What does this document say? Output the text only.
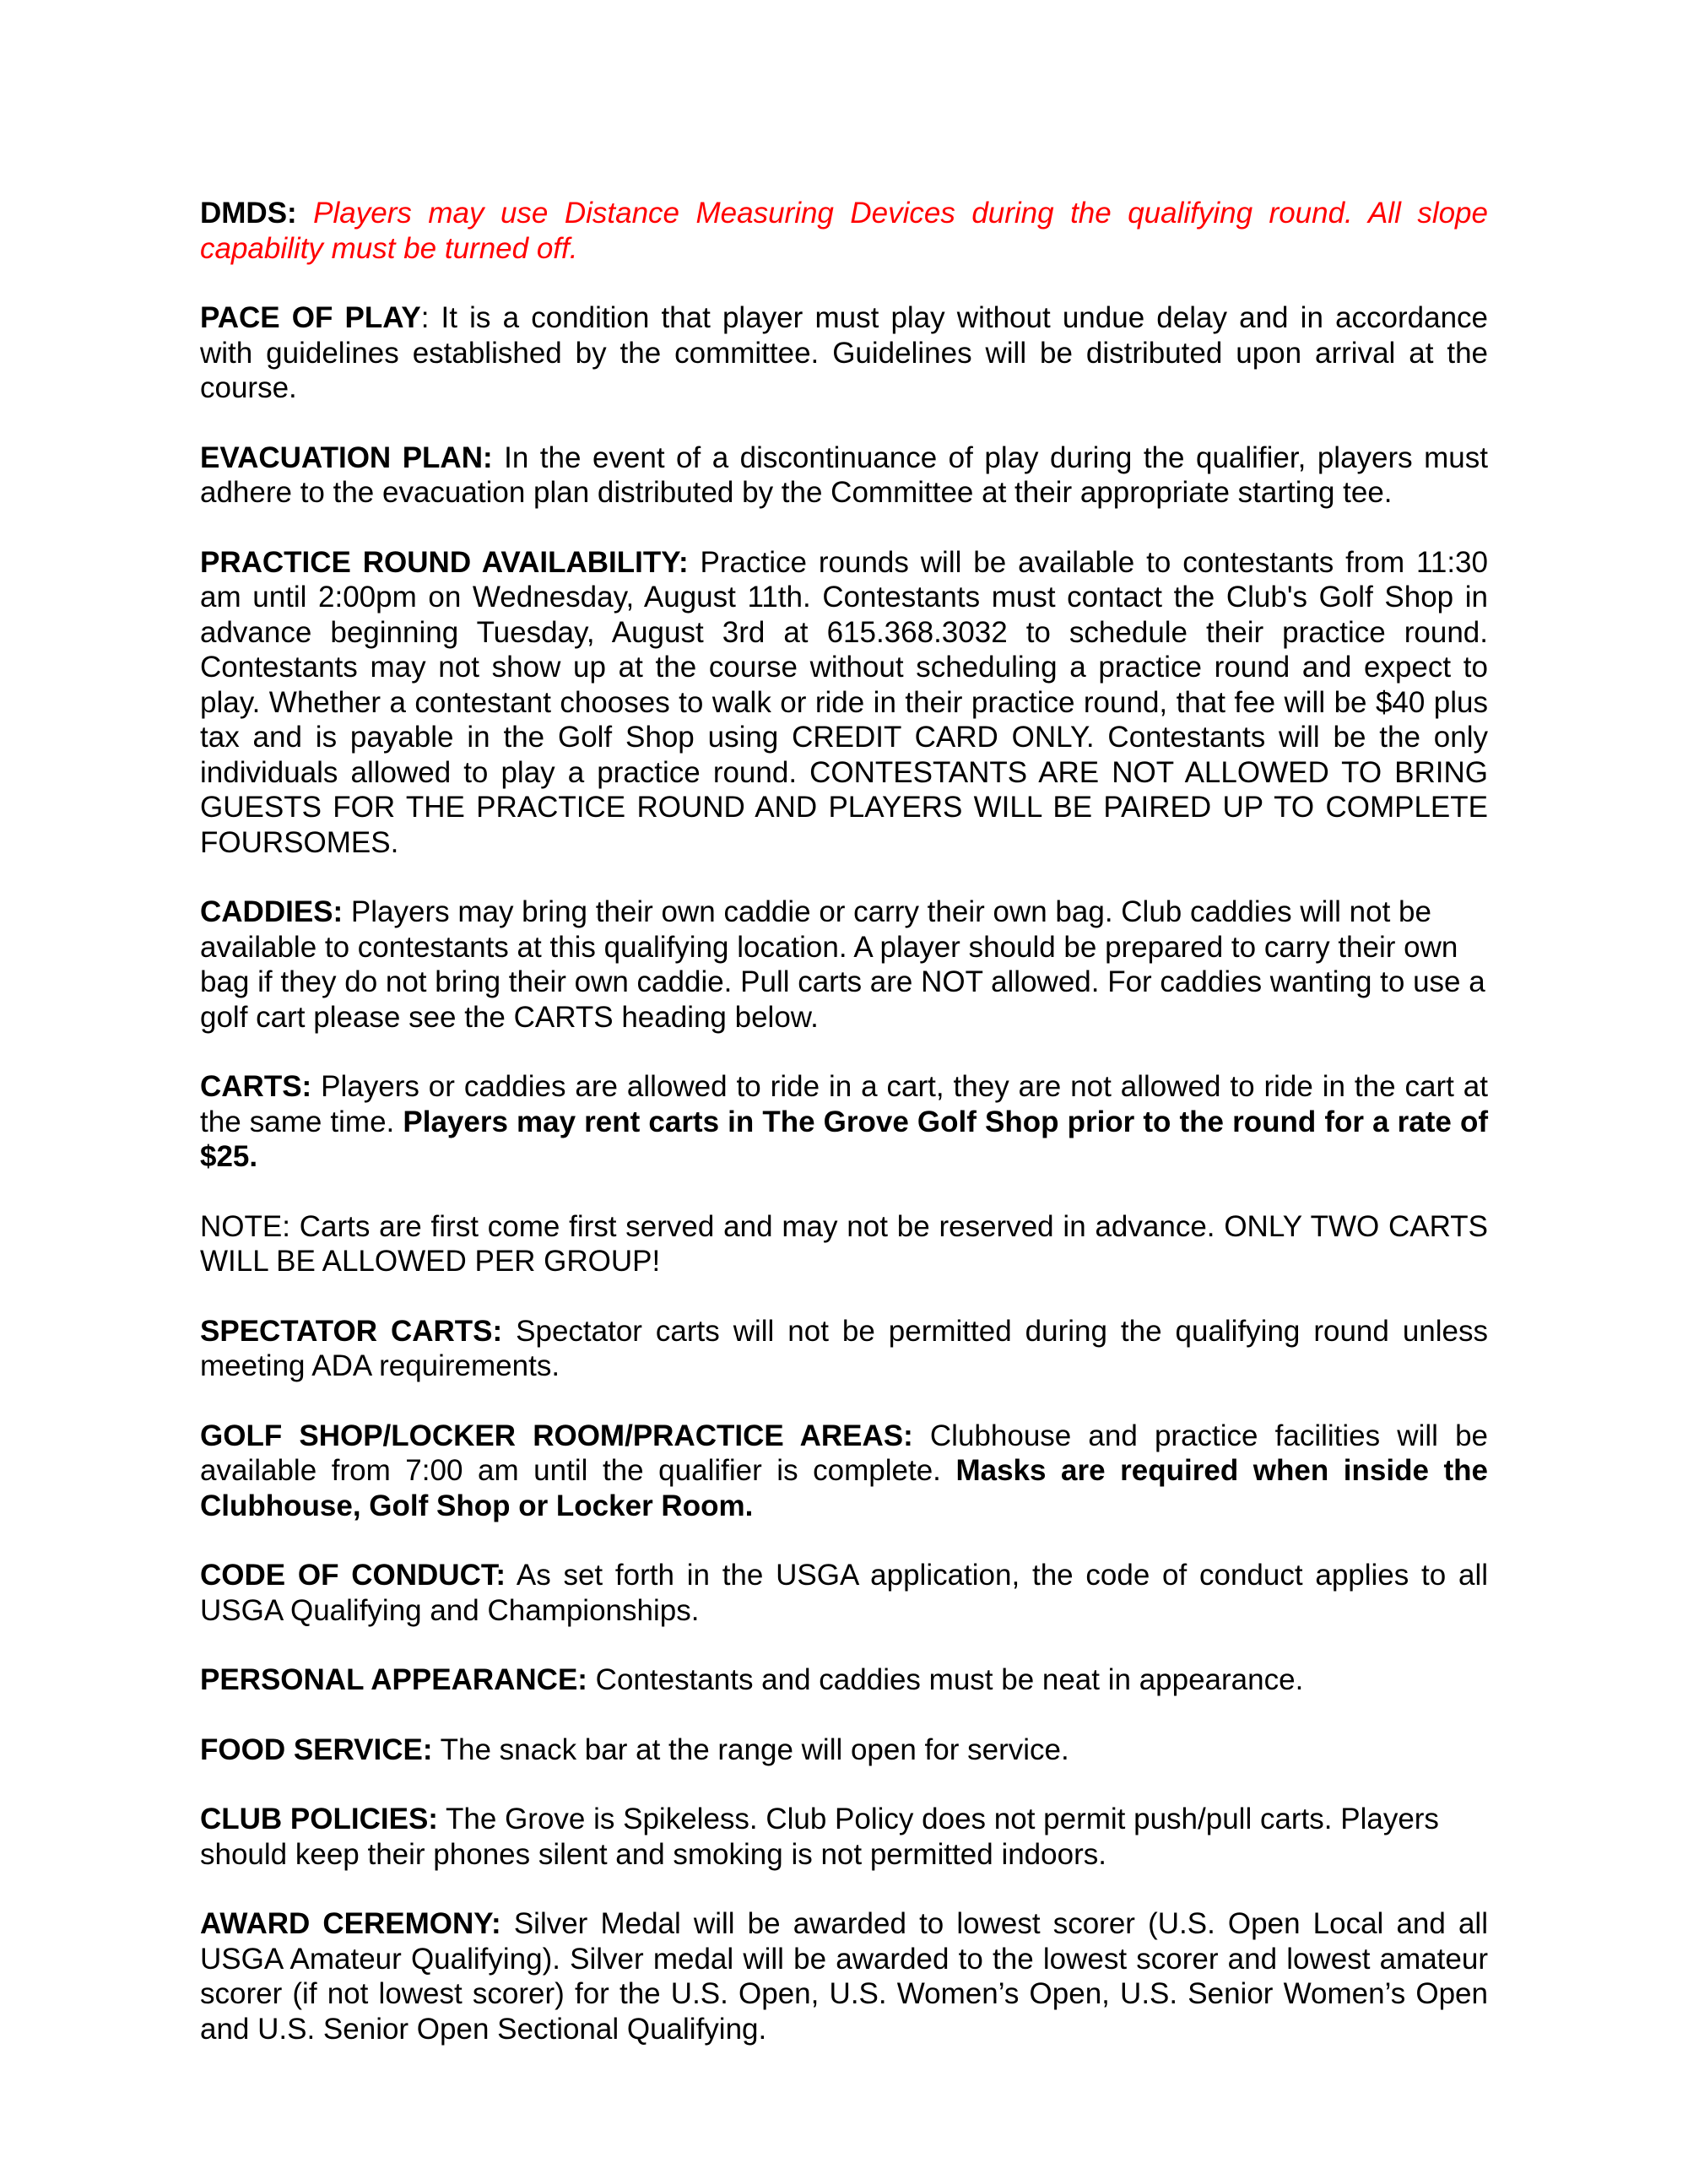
DMDS: Players may use Distance Measuring Devices during the qualifying round. All slope capability must be turned off.

PACE OF PLAY: It is a condition that player must play without undue delay and in accordance with guidelines established by the committee. Guidelines will be distributed upon arrival at the course.

EVACUATION PLAN: In the event of a discontinuance of play during the qualifier, players must adhere to the evacuation plan distributed by the Committee at their appropriate starting tee.

PRACTICE ROUND AVAILABILITY: Practice rounds will be available to contestants from 11:30 am until 2:00pm on Wednesday, August 11th. Contestants must contact the Club's Golf Shop in advance beginning Tuesday, August 3rd at 615.368.3032 to schedule their practice round. Contestants may not show up at the course without scheduling a practice round and expect to play. Whether a contestant chooses to walk or ride in their practice round, that fee will be $40 plus tax and is payable in the Golf Shop using CREDIT CARD ONLY. Contestants will be the only individuals allowed to play a practice round. CONTESTANTS ARE NOT ALLOWED TO BRING GUESTS FOR THE PRACTICE ROUND AND PLAYERS WILL BE PAIRED UP TO COMPLETE FOURSOMES.

CADDIES: Players may bring their own caddie or carry their own bag. Club caddies will not be available to contestants at this qualifying location. A player should be prepared to carry their own bag if they do not bring their own caddie. Pull carts are NOT allowed. For caddies wanting to use a golf cart please see the CARTS heading below.

CARTS: Players or caddies are allowed to ride in a cart, they are not allowed to ride in the cart at the same time. Players may rent carts in The Grove Golf Shop prior to the round for a rate of $25.

NOTE: Carts are first come first served and may not be reserved in advance. ONLY TWO CARTS WILL BE ALLOWED PER GROUP!

SPECTATOR CARTS: Spectator carts will not be permitted during the qualifying round unless meeting ADA requirements.

GOLF SHOP/LOCKER ROOM/PRACTICE AREAS: Clubhouse and practice facilities will be available from 7:00 am until the qualifier is complete. Masks are required when inside the Clubhouse, Golf Shop or Locker Room.

CODE OF CONDUCT: As set forth in the USGA application, the code of conduct applies to all USGA Qualifying and Championships.

PERSONAL APPEARANCE: Contestants and caddies must be neat in appearance.

FOOD SERVICE: The snack bar at the range will open for service.

CLUB POLICIES: The Grove is Spikeless. Club Policy does not permit push/pull carts. Players should keep their phones silent and smoking is not permitted indoors.

AWARD CEREMONY: Silver Medal will be awarded to lowest scorer (U.S. Open Local and all USGA Amateur Qualifying). Silver medal will be awarded to the lowest scorer and lowest amateur scorer (if not lowest scorer) for the U.S. Open, U.S. Women’s Open, U.S. Senior Women’s Open and U.S. Senior Open Sectional Qualifying.
